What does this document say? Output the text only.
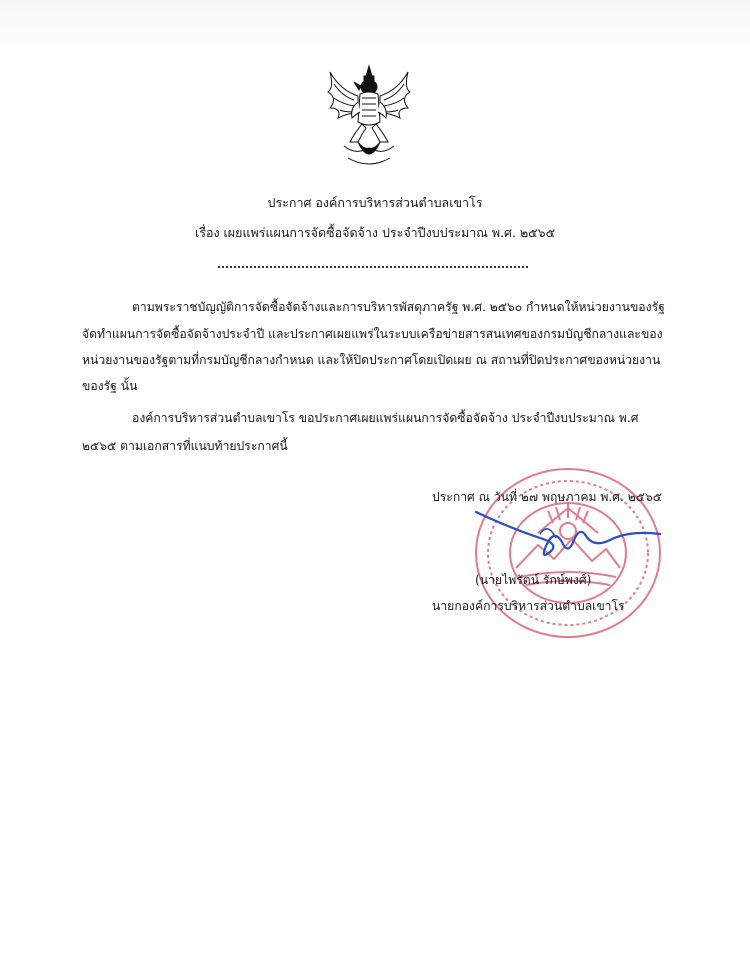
ประกาศ องค์การบริหารส่วนตำบลเขาโร
เรื่อง เผยแพร่แผนการจัดซื้อจัดจ้าง ประจำปีงบประมาณ พ.ศ. ๒๕๖๕
ตามพระราชบัญญัติการจัดซื้อจัดจ้างและการบริหารพัสดุภาครัฐ พ.ศ. ๒๕๖๐ กำหนดให้หน่วยงานของรัฐ
จัดทำแผนการจัดซื้อจัดจ้างประจำปี และประกาศเผยแพร่ในระบบเครือข่ายสารสนเทศของกรมบัญชีกลางและของ
หน่วยงานของรัฐตามที่กรมบัญชีกลางกำหนด และให้ปิดประกาศโดยเปิดเผย ณ สถานที่ปิดประกาศของหน่วยงาน
ของรัฐ นั้น
องค์การบริหารส่วนตำบลเขาโร ขอประกาศเผยแพร่แผนการจัดซื้อจัดจ้าง ประจำปีงบประมาณ พ.ศ
๒๕๖๕ ตามเอกสารที่แนบท้ายประกาศนี้
ประกาศ ณ วันที่ ๒๗ พฤษภาคม พ.ศ. ๒๕๖๕
(นายไพรัตน์ รักษ์พงศ์)
นายกองค์การบริหารส่วนตำบลเขาโร
